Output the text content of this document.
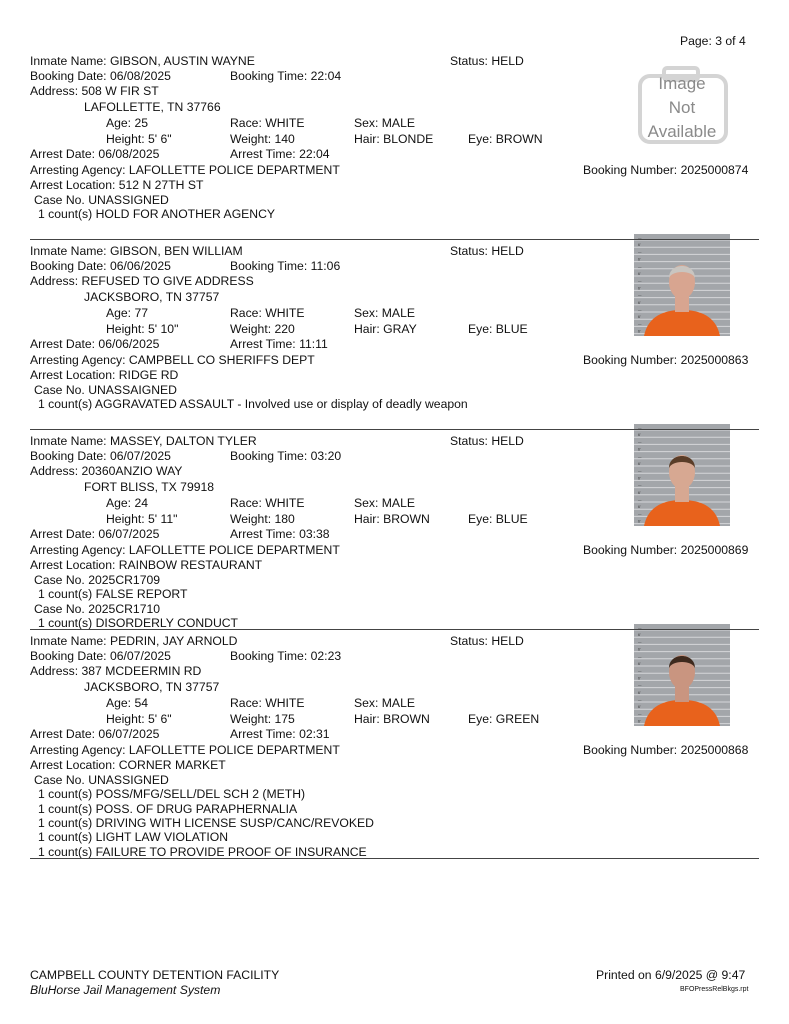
Page: 3 of 4
Inmate Name: GIBSON, AUSTIN WAYNE	Status: HELD
Booking Date: 06/08/2025	Booking Time: 22:04
Address: 508 W FIR ST
LAFOLLETTE, TN 37766
Age: 25	Race: WHITE	Sex: MALE
Height: 5' 6"	Weight: 140	Hair: BLONDE	Eye: BROWN
Arrest Date: 06/08/2025	Arrest Time: 22:04
Arresting Agency: LAFOLLETTE POLICE DEPARTMENT	Booking Number: 2025000874
Arrest Location: 512 N 27TH ST
Case No. UNASSIGNED
1 count(s) HOLD FOR ANOTHER AGENCY
Image
Not
Available
Inmate Name: GIBSON, BEN WILLIAM	Status: HELD
Booking Date: 06/06/2025	Booking Time: 11:06
Address: REFUSED TO GIVE ADDRESS
JACKSBORO, TN 37757
Age: 77	Race: WHITE	Sex: MALE
Height: 5' 10"	Weight: 220	Hair: GRAY	Eye: BLUE
Arrest Date: 06/06/2025	Arrest Time: 11:11
Arresting Agency: CAMPBELL CO SHERIFFS DEPT	Booking Number: 2025000863
Arrest Location: RIDGE RD
Case No. UNASSAIGNED
1 count(s) AGGRAVATED ASSAULT - Involved use or display of deadly weapon
—
6'
—
6'
—
6'
—
6'
—
6'
—
6'
—
6'
Inmate Name: MASSEY, DALTON TYLER	Status: HELD
Booking Date: 06/07/2025	Booking Time: 03:20
Address: 20360ANZIO WAY
FORT BLISS, TX 79918
Age: 24	Race: WHITE	Sex: MALE
Height: 5' 11"	Weight: 180	Hair: BROWN	Eye: BLUE
Arrest Date: 06/07/2025	Arrest Time: 03:38
Arresting Agency: LAFOLLETTE POLICE DEPARTMENT	Booking Number: 2025000869
Arrest Location: RAINBOW RESTAURANT
Case No. 2025CR1709
1 count(s) FALSE REPORT
Case No. 2025CR1710
1 count(s) DISORDERLY CONDUCT
—
6'
—
6'
—
6'
—
6'
—
6'
—
6'
—
6'
Inmate Name: PEDRIN, JAY ARNOLD	Status: HELD
Booking Date: 06/07/2025	Booking Time: 02:23
Address: 387 MCDEERMIN RD
JACKSBORO, TN 37757
Age: 54	Race: WHITE	Sex: MALE
Height: 5' 6"	Weight: 175	Hair: BROWN	Eye: GREEN
Arrest Date: 06/07/2025	Arrest Time: 02:31
Arresting Agency: LAFOLLETTE POLICE DEPARTMENT	Booking Number: 2025000868
Arrest Location: CORNER MARKET
Case No. UNASSIGNED
1 count(s) POSS/MFG/SELL/DEL SCH 2 (METH)
1 count(s) POSS. OF DRUG PARAPHERNALIA
1 count(s) DRIVING WITH LICENSE SUSP/CANC/REVOKED
1 count(s) LIGHT LAW VIOLATION
1 count(s) FAILURE TO PROVIDE PROOF OF INSURANCE
—
6'
—
6'
—
6'
—
6'
—
6'
—
6'
—
6'
CAMPBELL COUNTY DETENTION FACILITY
BluHorse Jail Management System
Printed on 6/9/2025 @ 9:47
BFOPressRelBkgs.rpt
